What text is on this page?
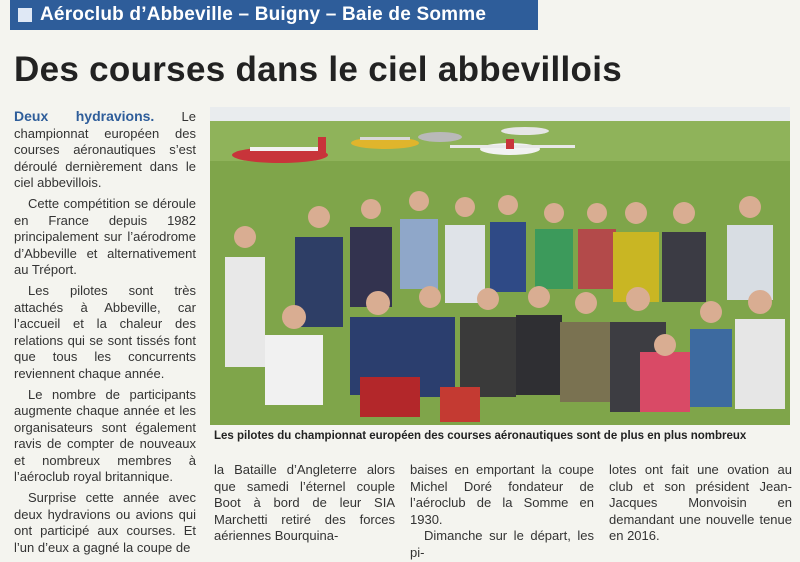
Aéroclub d’Abbeville – Buigny – Baie de Somme
Des courses dans le ciel abbevillois

Deux hydravions. Le championnat européen des courses aéronautiques s’est déroulé dernièrement dans le ciel abbevillois.

Cette compétition se déroule en France depuis 1982 principalement sur l’aérodrome d’Abbeville et alternativement au Tréport.

Les pilotes sont très attachés à Abbeville, car l’accueil et la chaleur des relations qui se sont tissés font que tous les concurrents reviennent chaque année.

Le nombre de participants augmente chaque année et les organisateurs sont également ravis de compter de nouveaux et nombreux membres à l’aéroclub royal britannique.

Surprise cette année avec deux hydravions ou avions qui ont participé aux courses. Et l’un d’eux a gagné la coupe de

Les pilotes du championnat européen des courses aéronautiques sont de plus en plus nombreux

la Bataille d’Angleterre alors que samedi l’éternel couple Boot à bord de leur SIA Marchetti retiré des forces aériennes Bourquina-

baises en emportant la coupe Michel Doré fondateur de l’aéroclub de la Somme en 1930.

Dimanche sur le départ, les pi-

lotes ont fait une ovation au club et son président Jean-Jacques Monvoisin en demandant une nouvelle tenue en 2016.
